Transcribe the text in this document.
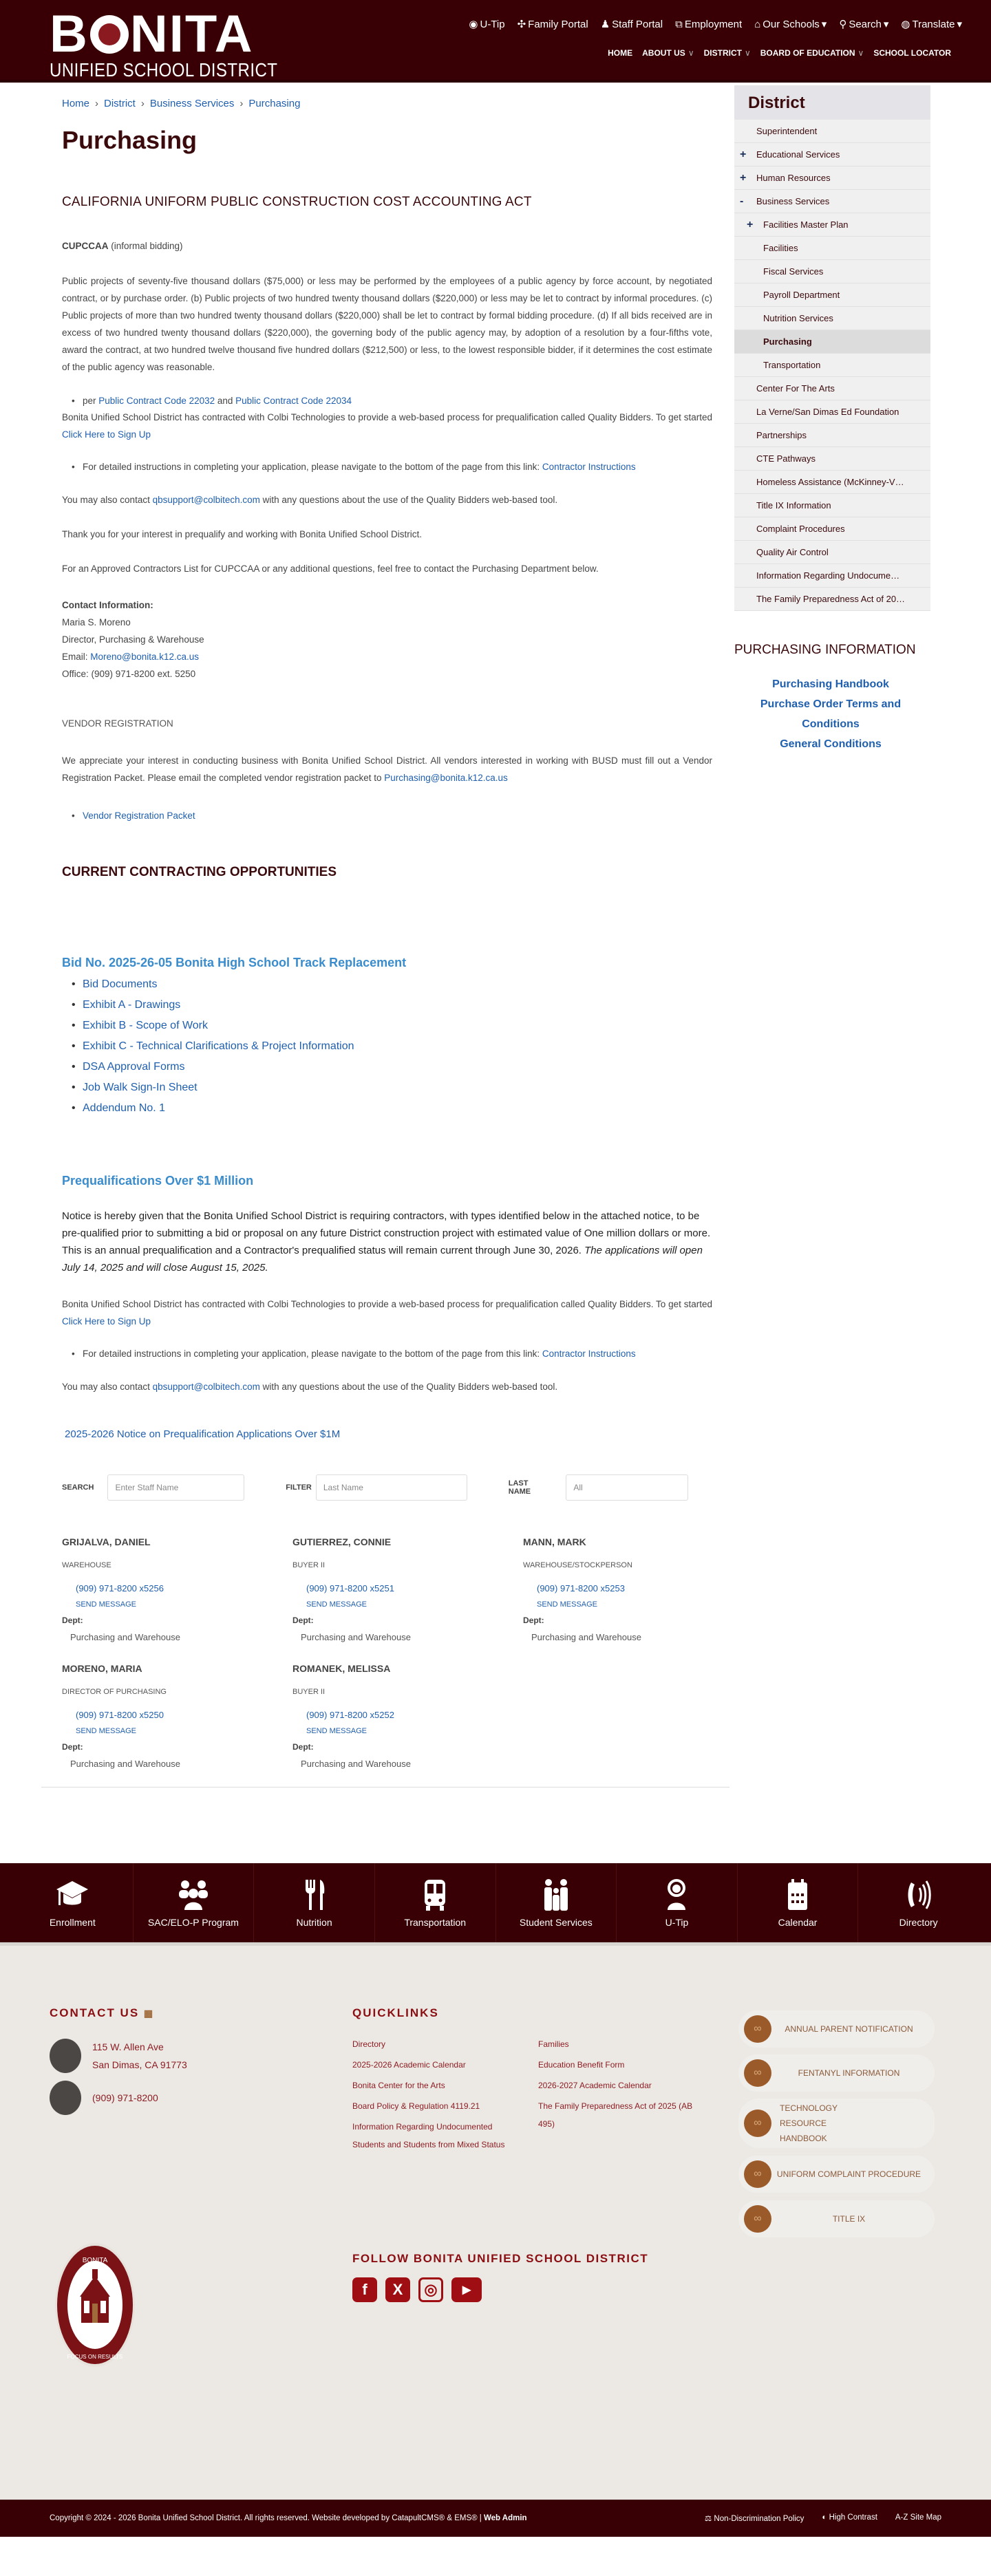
B NITA
UNIFIED SCHOOL DISTRICT
◉ U-Tip ✣ Family Portal ♟ Staff Portal ⧉ Employment ⌂ Our Schools ▾ ⚲ Search ▾ ◍ Translate ▾
HOME ABOUT US ∨ DISTRICT ∨ BOARD OF EDUCATION ∨ SCHOOL LOCATOR
Home › District › Business Services › Purchasing
Purchasing
CALIFORNIA UNIFORM PUBLIC CONSTRUCTION COST ACCOUNTING ACT
CUPCCAA (informal bidding)
Public projects of seventy-five thousand dollars ($75,000) or less may be performed by the employees of a public agency by force account, by negotiated contract, or by purchase order. (b) Public projects of two hundred twenty thousand dollars ($220,000) or less may be let to contract by informal procedures. (c) Public projects of more than two hundred twenty thousand dollars ($220,000) shall be let to contract by formal bidding procedure. (d) If all bids received are in excess of two hundred twenty thousand dollars ($220,000), the governing body of the public agency may, by adoption of a resolution by a four-fifths vote, award the contract, at two hundred twelve thousand five hundred dollars ($212,500) or less, to the lowest responsible bidder, if it determines the cost estimate of the public agency was reasonable.
• per Public Contract Code 22032 and Public Contract Code 22034
Bonita Unified School District has contracted with Colbi Technologies to provide a web-based process for prequalification called Quality Bidders. To get started Click Here to Sign Up
• For detailed instructions in completing your application, please navigate to the bottom of the page from this link: Contractor Instructions
You may also contact qbsupport@colbitech.com with any questions about the use of the Quality Bidders web-based tool.
Thank you for your interest in prequalify and working with Bonita Unified School District.
For an Approved Contractors List for CUPCCAA or any additional questions, feel free to contact the Purchasing Department below.
Contact Information:
Maria S. Moreno
Director, Purchasing & Warehouse
Email: Moreno@bonita.k12.ca.us
Office: (909) 971-8200 ext. 5250
VENDOR REGISTRATION
We appreciate your interest in conducting business with Bonita Unified School District. All vendors interested in working with BUSD must fill out a Vendor Registration Packet. Please email the completed vendor registration packet to Purchasing@bonita.k12.ca.us
• Vendor Registration Packet
CURRENT CONTRACTING OPPORTUNITIES
Bid No. 2025-26-05 Bonita High School Track Replacement
• Bid Documents
• Exhibit A - Drawings
• Exhibit B - Scope of Work
• Exhibit C - Technical Clarifications & Project Information
• DSA Approval Forms
• Job Walk Sign-In Sheet
• Addendum No. 1
Prequalifications Over $1 Million
Notice is hereby given that the Bonita Unified School District is requiring contractors, with types identified below in the attached notice, to be pre-qualified prior to submitting a bid or proposal on any future District construction project with estimated value of One million dollars or more. This is an annual prequalification and a Contractor's prequalified status will remain current through June 30, 2026. The applications will open July 14, 2025 and will close August 15, 2025.
Bonita Unified School District has contracted with Colbi Technologies to provide a web-based process for prequalification called Quality Bidders. To get started Click Here to Sign Up
• For detailed instructions in completing your application, please navigate to the bottom of the page from this link: Contractor Instructions
You may also contact qbsupport@colbitech.com with any questions about the use of the Quality Bidders web-based tool.
2025-2026 Notice on Prequalification Applications Over $1M
SEARCH	Enter Staff Name	FILTER	Last Name	LAST NAME	All
GRIJALVA, DANIEL
WAREHOUSE
(909) 971-8200 x5256
SEND MESSAGE
Dept:
Purchasing and Warehouse
GUTIERREZ, CONNIE
BUYER II
(909) 971-8200 x5251
SEND MESSAGE
Dept:
Purchasing and Warehouse
MANN, MARK
WAREHOUSE/STOCKPERSON
(909) 971-8200 x5253
SEND MESSAGE
Dept:
Purchasing and Warehouse
MORENO, MARIA
DIRECTOR OF PURCHASING
(909) 971-8200 x5250
SEND MESSAGE
Dept:
Purchasing and Warehouse
ROMANEK, MELISSA
BUYER II
(909) 971-8200 x5252
SEND MESSAGE
Dept:
Purchasing and Warehouse
District
Superintendent
+ Educational Services
+ Human Resources
- Business Services
+ Facilities Master Plan
Facilities
Fiscal Services
Payroll Department
Nutrition Services
Purchasing
Transportation
Center For The Arts
La Verne/San Dimas Ed Foundation
Partnerships
CTE Pathways
Homeless Assistance (McKinney-V…
Title IX Information
Complaint Procedures
Quality Air Control
Information Regarding Undocume…
The Family Preparedness Act of 20…
PURCHASING INFORMATION
Purchasing Handbook
Purchase Order Terms and Conditions
General Conditions
Enrollment	SAC/ELO-P Program	Nutrition	Transportation	Student Services	U-Tip	Calendar	Directory
CONTACT US ▦
115 W. Allen Ave
San Dimas, CA 91773
(909) 971-8200
QUICKLINKS
Directory
2025-2026 Academic Calendar
Bonita Center for the Arts
Board Policy & Regulation 4119.21
Information Regarding Undocumented Students and Students from Mixed Status
Families
Education Benefit Form
2026-2027 Academic Calendar
The Family Preparedness Act of 2025 (AB 495)
∞	ANNUAL PARENT NOTIFICATION
∞	FENTANYL INFORMATION
∞
TECHNOLOGY RESOURCE HANDBOOK
∞	UNIFORM COMPLAINT PROCEDURE
∞	TITLE IX
BONITA
FOCUS ON RESULTS
FOLLOW BONITA UNIFIED SCHOOL DISTRICT
f	X	◎	▶
Copyright © 2024 - 2026 Bonita Unified School District. All rights reserved. Website developed by CatapultCMS® & EMS® | Web Admin	⚖ Non-Discrimination Policy ◐ High Contrast A-Z Site Map
